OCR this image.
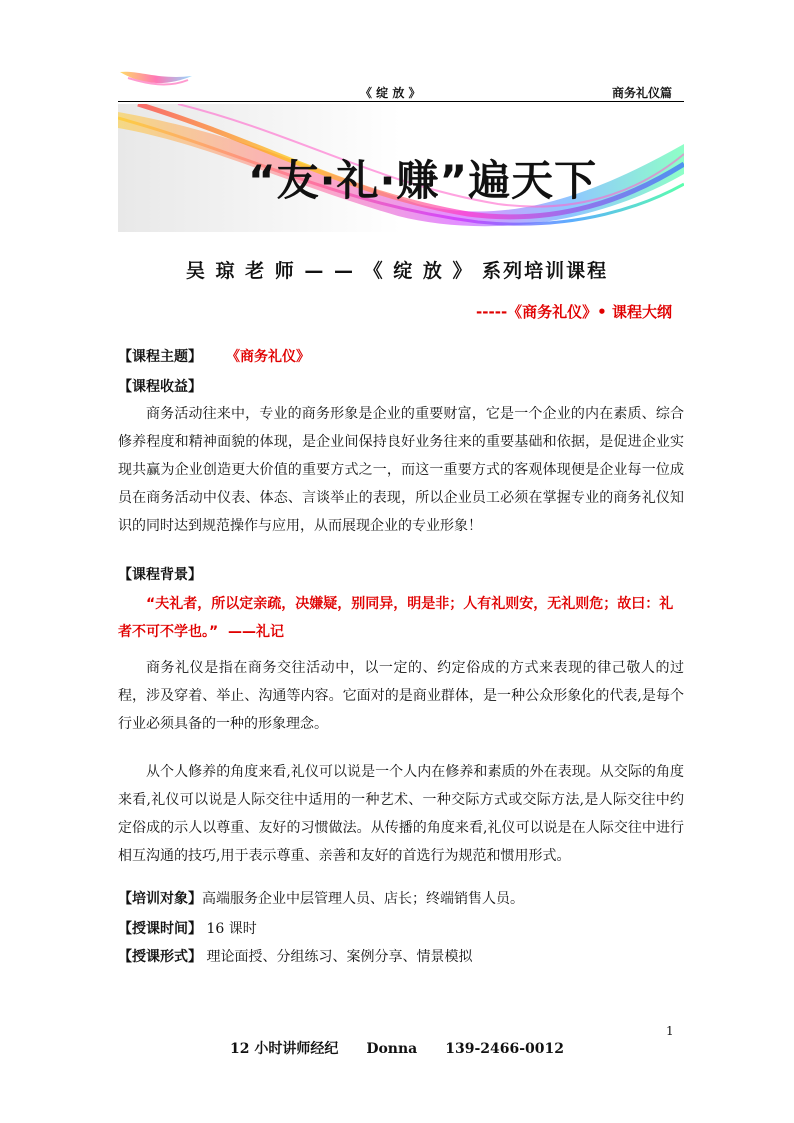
《 绽 放 》	商务礼仪篇
“友·礼·赚”遍天下
吴 琼 老 师 — — 《 绽 放 》 系列培训课程
-----《商务礼仪》• 课程大纲
【课程主题】 《商务礼仪》
【课程收益】
商务活动往来中，专业的商务形象是企业的重要财富，它是一个企业的内在素质、综合修养程度和精神面貌的体现，是企业间保持良好业务往来的重要基础和依据，是促进企业实现共赢为企业创造更大价值的重要方式之一，而这一重要方式的客观体现便是企业每一位成员在商务活动中仪表、体态、言谈举止的表现，所以企业员工必须在掌握专业的商务礼仪知识的同时达到规范操作与应用，从而展现企业的专业形象！
【课程背景】
“夫礼者，所以定亲疏，决嫌疑，别同异，明是非；人有礼则安，无礼则危；故曰：礼者不可不学也。” ——礼记
商务礼仪是指在商务交往活动中，以一定的、约定俗成的方式来表现的律己敬人的过程，涉及穿着、举止、沟通等内容。它面对的是商业群体，是一种公众形象化的代表,是每个行业必须具备的一种的形象理念。
从个人修养的角度来看,礼仪可以说是一个人内在修养和素质的外在表现。从交际的角度来看,礼仪可以说是人际交往中适用的一种艺术、一种交际方式或交际方法,是人际交往中约定俗成的示人以尊重、友好的习惯做法。从传播的角度来看,礼仪可以说是在人际交往中进行相互沟通的技巧,用于表示尊重、亲善和友好的首选行为规范和惯用形式。
【培训对象】高端服务企业中层管理人员、店长；终端销售人员。
【授课时间】 16 课时
【授课形式】 理论面授、分组练习、案例分享、情景模拟
1
12 小时讲师经纪 Donna 139-2466-0012
